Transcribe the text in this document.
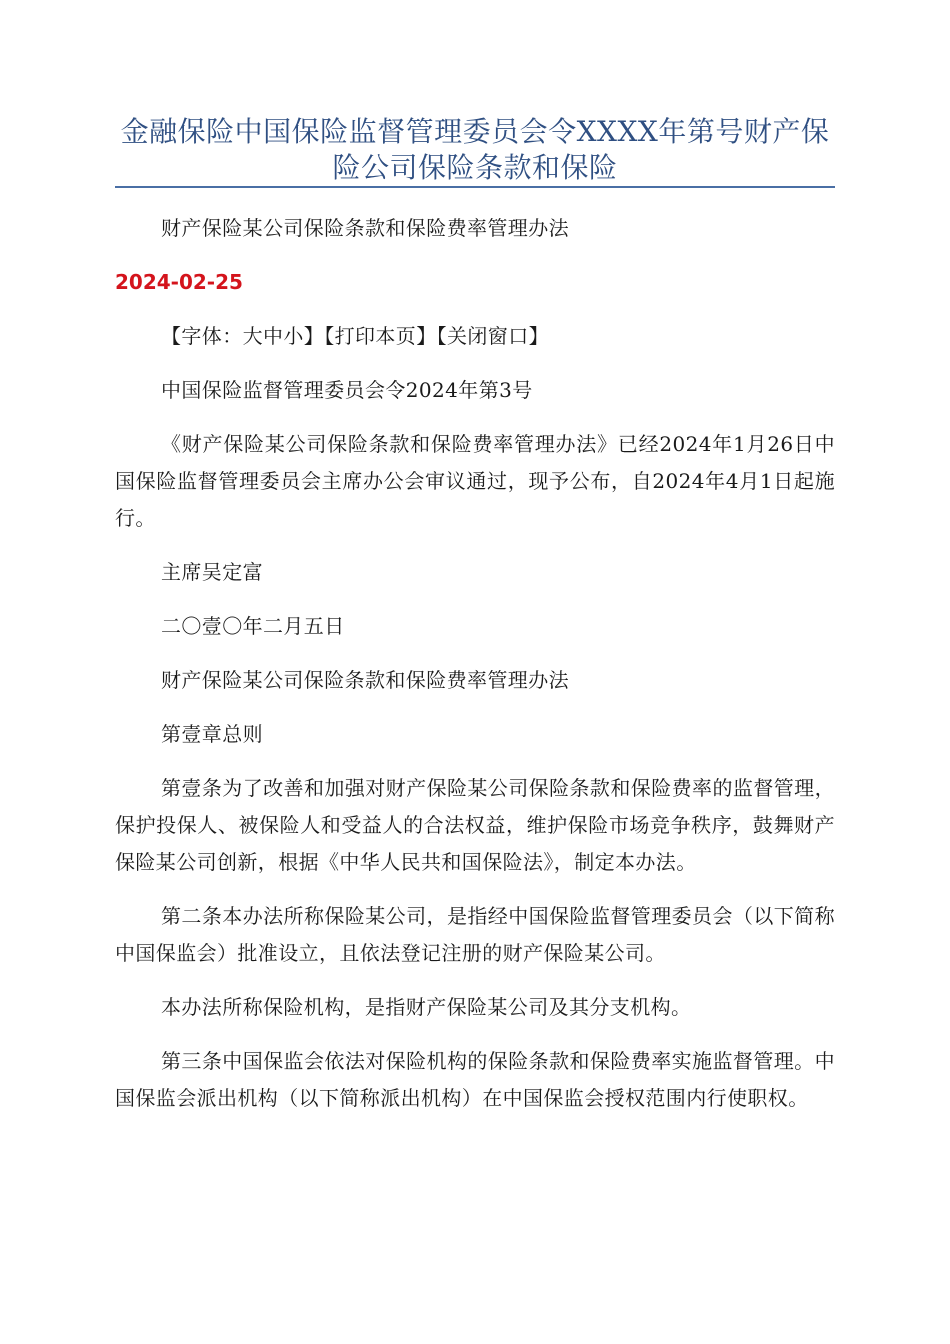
金融保险中国保险监督管理委员会令XXXX年第号财产保险公司保险条款和保险

财产保险某公司保险条款和保险费率管理办法

2024-02-25

【字体：大中小】【打印本页】【关闭窗口】

中国保险监督管理委员会令2024年第3号

《财产保险某公司保险条款和保险费率管理办法》已经2024年1月26日中国保险监督管理委员会主席办公会审议通过，现予公布，自2024年4月1日起施行。

主席吴定富

二〇壹〇年二月五日

财产保险某公司保险条款和保险费率管理办法

第壹章总则

第壹条为了改善和加强对财产保险某公司保险条款和保险费率的监督管理，保护投保人、被保险人和受益人的合法权益，维护保险市场竞争秩序，鼓舞财产保险某公司创新，根据《中华人民共和国保险法》，制定本办法。

第二条本办法所称保险某公司，是指经中国保险监督管理委员会（以下简称中国保监会）批准设立，且依法登记注册的财产保险某公司。

本办法所称保险机构，是指财产保险某公司及其分支机构。

第三条中国保监会依法对保险机构的保险条款和保险费率实施监督管理。中国保监会派出机构（以下简称派出机构）在中国保监会授权范围内行使职权。
